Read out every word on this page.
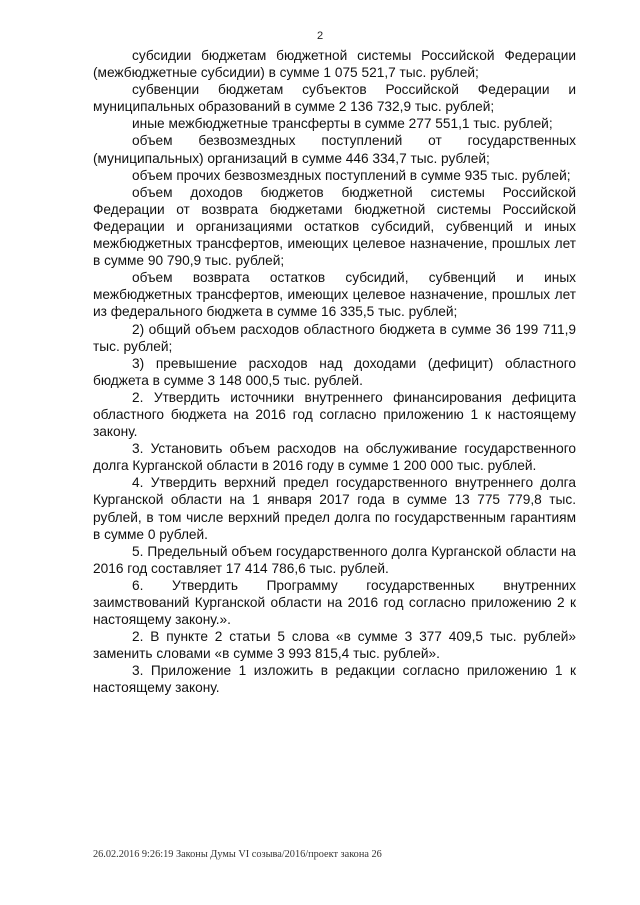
2

субсидии бюджетам бюджетной системы Российской Федерации (межбюджетные субсидии) в сумме 1 075 521,7 тыс. рублей;

субвенции бюджетам субъектов Российской Федерации и муниципальных образований в сумме 2 136 732,9 тыс. рублей;

иные межбюджетные трансферты в сумме 277 551,1 тыс. рублей;

объем безвозмездных поступлений от государственных (муниципальных) организаций в сумме 446 334,7 тыс. рублей;

объем прочих безвозмездных поступлений в сумме 935 тыс. рублей;

объем доходов бюджетов бюджетной системы Российской Федерации от возврата бюджетами бюджетной системы Российской Федерации и организациями остатков субсидий, субвенций и иных межбюджетных трансфертов, имеющих целевое назначение, прошлых лет в сумме 90 790,9 тыс. рублей;

объем возврата остатков субсидий, субвенций и иных межбюджетных трансфертов, имеющих целевое назначение, прошлых лет из федерального бюджета в сумме 16 335,5 тыс. рублей;

2) общий объем расходов областного бюджета в сумме 36 199 711,9 тыс. рублей;

3) превышение расходов над доходами (дефицит) областного бюджета в сумме 3 148 000,5 тыс. рублей.

2. Утвердить источники внутреннего финансирования дефицита областного бюджета на 2016 год согласно приложению 1 к настоящему закону.

3. Установить объем расходов на обслуживание государственного долга Курганской области в 2016 году в сумме 1 200 000 тыс. рублей.

4. Утвердить верхний предел государственного внутреннего долга Курганской области на 1 января 2017 года в сумме 13 775 779,8 тыс. рублей, в том числе верхний предел долга по государственным гарантиям в сумме 0 рублей.

5. Предельный объем государственного долга Курганской области на 2016 год составляет 17 414 786,6 тыс. рублей.

6. Утвердить Программу государственных внутренних заимствований Курганской области на 2016 год согласно приложению 2 к настоящему закону.».

2. В пункте 2 статьи 5 слова «в сумме 3 377 409,5 тыс. рублей» заменить словами «в сумме 3 993 815,4 тыс. рублей».

3. Приложение 1 изложить в редакции согласно приложению 1 к настоящему закону.

26.02.2016 9:26:19 Законы Думы VI созыва/2016/проект закона 26
